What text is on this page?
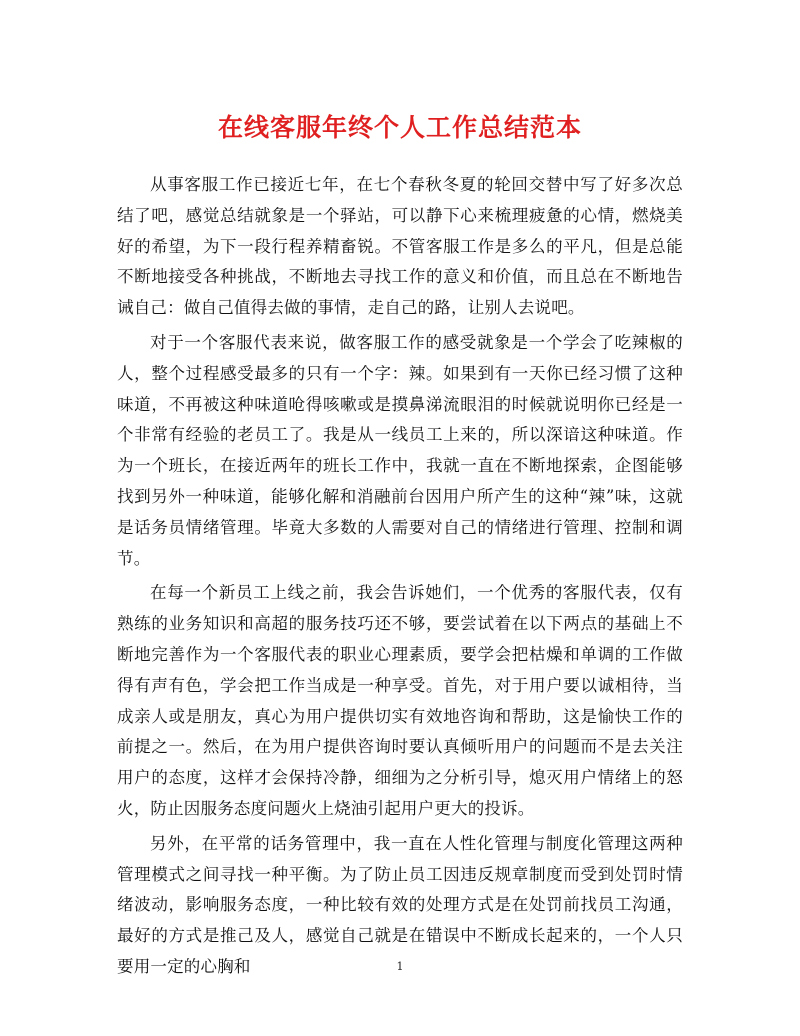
在线客服年终个人工作总结范本

从事客服工作已接近七年，在七个春秋冬夏的轮回交替中写了好多次总结了吧，感觉总结就象是一个驿站，可以静下心来梳理疲惫的心情，燃烧美好的希望，为下一段行程养精畜锐。不管客服工作是多么的平凡，但是总能不断地接受各种挑战，不断地去寻找工作的意义和价值，而且总在不断地告诫自己：做自己值得去做的事情，走自己的路，让别人去说吧。

对于一个客服代表来说，做客服工作的感受就象是一个学会了吃辣椒的人，整个过程感受最多的只有一个字：辣。如果到有一天你已经习惯了这种味道，不再被这种味道呛得咳嗽或是摸鼻涕流眼泪的时候就说明你已经是一个非常有经验的老员工了。我是从一线员工上来的，所以深谙这种味道。作为一个班长，在接近两年的班长工作中，我就一直在不断地探索，企图能够找到另外一种味道，能够化解和消融前台因用户所产生的这种“辣”味，这就是话务员情绪管理。毕竟大多数的人需要对自己的情绪进行管理、控制和调节。

在每一个新员工上线之前，我会告诉她们，一个优秀的客服代表，仅有熟练的业务知识和高超的服务技巧还不够，要尝试着在以下两点的基础上不断地完善作为一个客服代表的职业心理素质，要学会把枯燥和单调的工作做得有声有色，学会把工作当成是一种享受。首先，对于用户要以诚相待，当成亲人或是朋友，真心为用户提供切实有效地咨询和帮助，这是愉快工作的前提之一。然后，在为用户提供咨询时要认真倾听用户的问题而不是去关注用户的态度，这样才会保持冷静，细细为之分析引导，熄灭用户情绪上的怒火，防止因服务态度问题火上烧油引起用户更大的投诉。

另外，在平常的话务管理中，我一直在人性化管理与制度化管理这两种管理模式之间寻找一种平衡。为了防止员工因违反规章制度而受到处罚时情绪波动，影响服务态度，一种比较有效的处理方式是在处罚前找员工沟通，最好的方式是推己及人，感觉自己就是在错误中不断成长起来的，一个人只要用一定的心胸和	1
